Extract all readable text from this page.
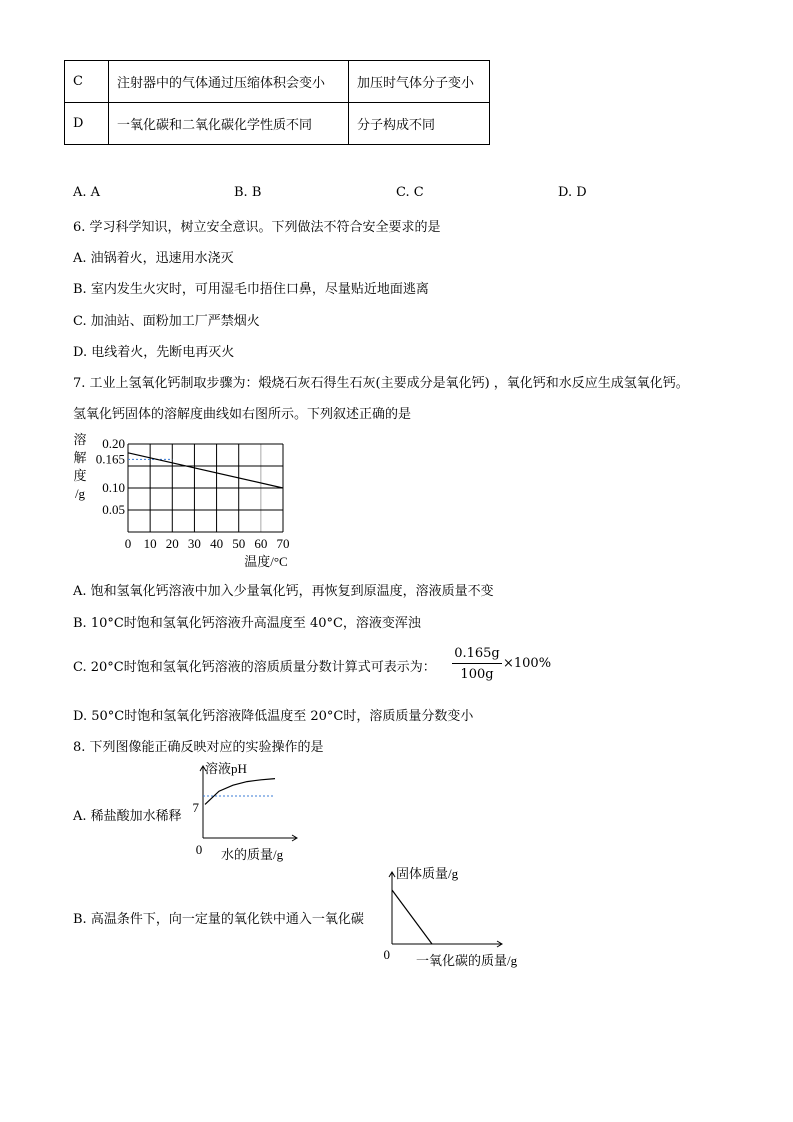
C	注射器中的气体通过压缩体积会变小	加压时气体分子变小
D	一氧化碳和二氧化碳化学性质不同	分子构成不同
A. A	B. B	C. C	D. D
6. 学习科学知识，树立安全意识。下列做法不符合安全要求的是
A. 油锅着火，迅速用水浇灭
B. 室内发生火灾时，可用湿毛巾捂住口鼻，尽量贴近地面逃离
C. 加油站、面粉加工厂严禁烟火
D. 电线着火，先断电再灭火
7. 工业上氢氧化钙制取步骤为：煅烧石灰石得生石灰(主要成分是氧化钙) ，氧化钙和水反应生成氢氧化钙。
氢氧化钙固体的溶解度曲线如右图所示。下列叙述正确的是
0.20
0.165
0.10
0.05
0 10 20 30 40 50 60 70
溶
解
度
/g
温度/°C
A. 饱和氢氧化钙溶液中加入少量氧化钙，再恢复到原温度，溶液质量不变
B. 10°C时饱和氢氧化钙溶液升高温度至 40°C，溶液变浑浊
C. 20°C时饱和氢氧化钙溶液的溶质质量分数计算式可表示为： $\frac{0.165g}{100g} \times 100\%$
D. 50°C时饱和氢氧化钙溶液降低温度至 20°C时，溶质质量分数变小
8. 下列图像能正确反映对应的实验操作的是
A. 稀盐酸加水稀释
溶液pH
7
0 水的质量/g
B. 高温条件下，向一定量的氧化铁中通入一氧化碳
固体质量/g
0 一氧化碳的质量/g
